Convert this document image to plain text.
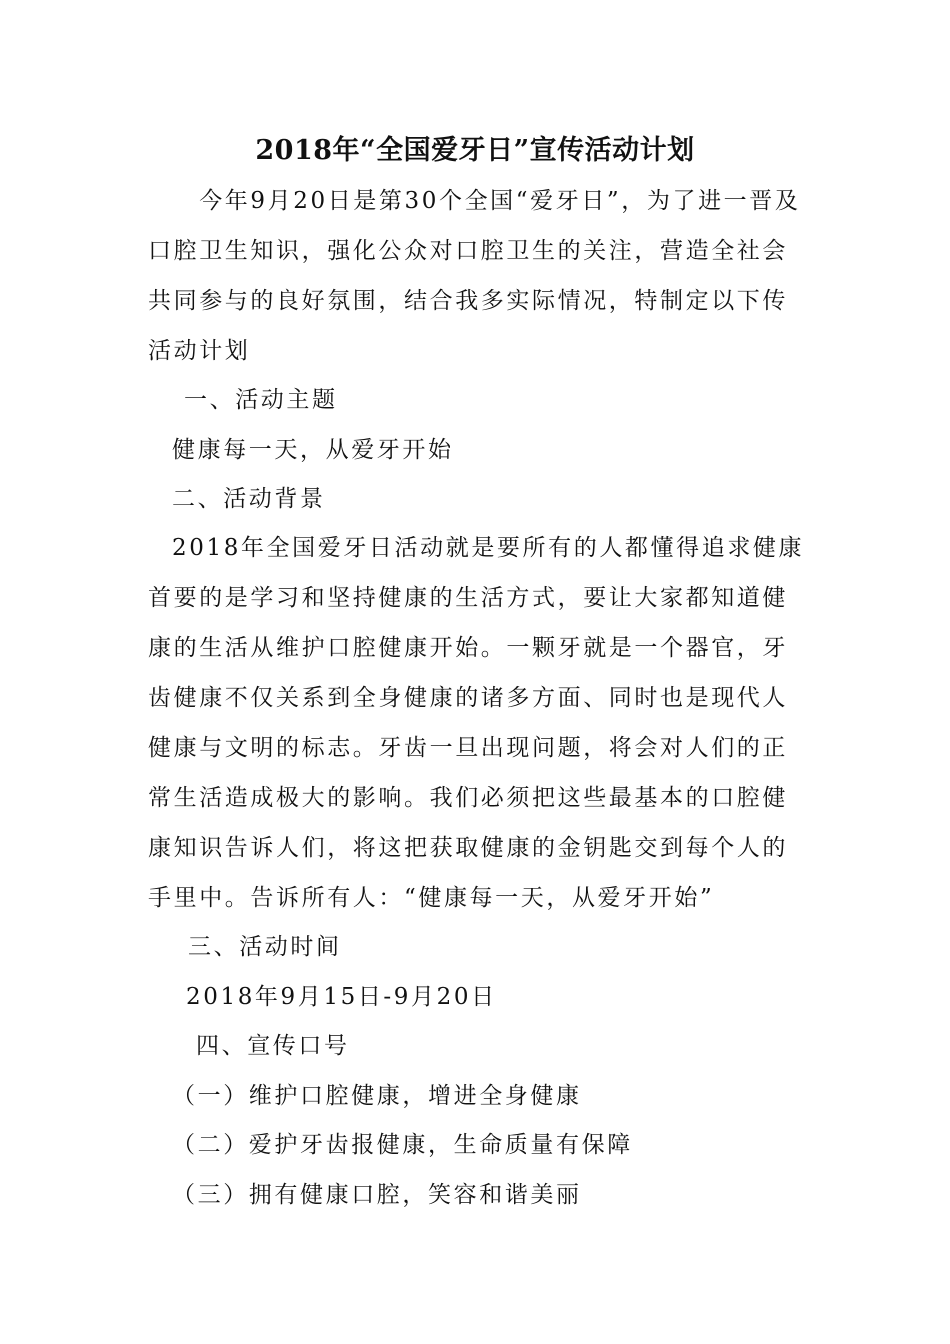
2018年“全国爱牙日”宣传活动计划

　　今年9月20日是第30个全国“爱牙日”，为了进一晋及口腔卫生知识，强化公众对口腔卫生的关注，营造全社会共同参与的良好氛围，结合我多实际情况，特制定以下传活动计划

一、活动主题
健康每一天，从爱牙开始
二、活动背景

2018年全国爱牙日活动就是要所有的人都懂得追求健康首要的是学习和坚持健康的生活方式，要让大家都知道健康的生活从维护口腔健康开始。一颗牙就是一个器官，牙齿健康不仅关系到全身健康的诸多方面、同时也是现代人健康与文明的标志。牙齿一旦出现问题，将会对人们的正常生活造成极大的影响。我们必须把这些最基本的口腔健康知识告诉人们，将这把获取健康的金钥匙交到每个人的手里中。告诉所有人：“健康每一天，从爱牙开始”

三、活动时间
2018年9月15日-9月20日
四、宣传口号
（一）维护口腔健康，增进全身健康
（二）爱护牙齿报健康，生命质量有保障
（三）拥有健康口腔，笑容和谐美丽
